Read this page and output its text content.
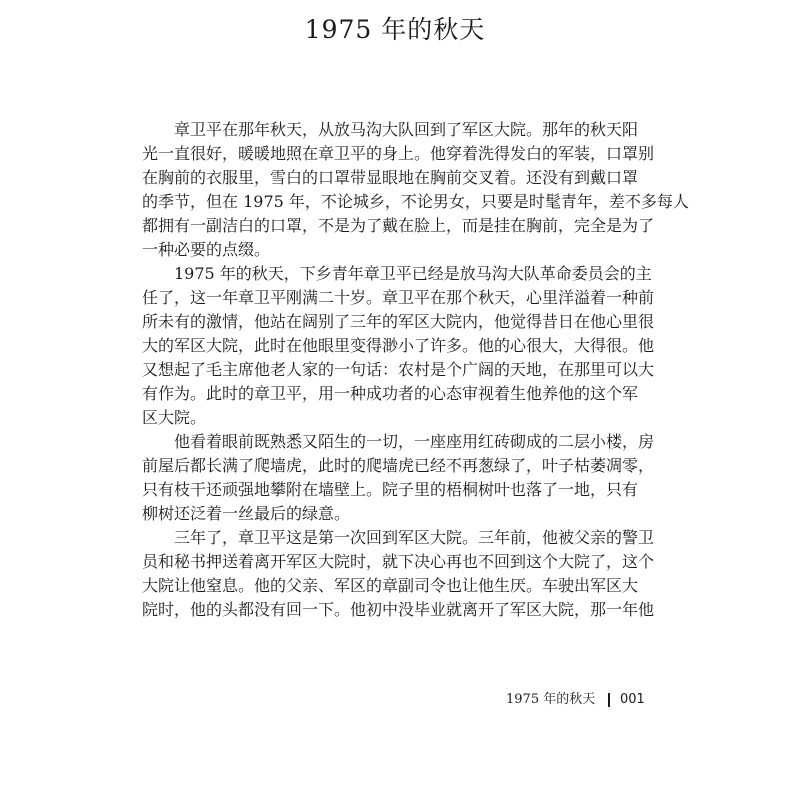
1975 年的秋天
　　章卫平在那年秋天，从放马沟大队回到了军区大院。那年的秋天阳
光一直很好，暖暖地照在章卫平的身上。他穿着洗得发白的军装，口罩别
在胸前的衣服里，雪白的口罩带显眼地在胸前交叉着。还没有到戴口罩
的季节，但在 1975 年，不论城乡，不论男女，只要是时髦青年，差不多每人
都拥有一副洁白的口罩，不是为了戴在脸上，而是挂在胸前，完全是为了
一种必要的点缀。
　　1975 年的秋天，下乡青年章卫平已经是放马沟大队革命委员会的主
任了，这一年章卫平刚满二十岁。章卫平在那个秋天，心里洋溢着一种前
所未有的激情，他站在阔别了三年的军区大院内，他觉得昔日在他心里很
大的军区大院，此时在他眼里变得渺小了许多。他的心很大，大得很。他
又想起了毛主席他老人家的一句话：农村是个广阔的天地，在那里可以大
有作为。此时的章卫平，用一种成功者的心态审视着生他养他的这个军
区大院。
　　他看着眼前既熟悉又陌生的一切，一座座用红砖砌成的二层小楼，房
前屋后都长满了爬墙虎，此时的爬墙虎已经不再葱绿了，叶子枯萎凋零，
只有枝干还顽强地攀附在墙壁上。院子里的梧桐树叶也落了一地，只有
柳树还泛着一丝最后的绿意。
　　三年了，章卫平这是第一次回到军区大院。三年前，他被父亲的警卫
员和秘书押送着离开军区大院时，就下决心再也不回到这个大院了，这个
大院让他窒息。他的父亲、军区的章副司令也让他生厌。车驶出军区大
院时，他的头都没有回一下。他初中没毕业就离开了军区大院，那一年他
1975 年的秋天 001
